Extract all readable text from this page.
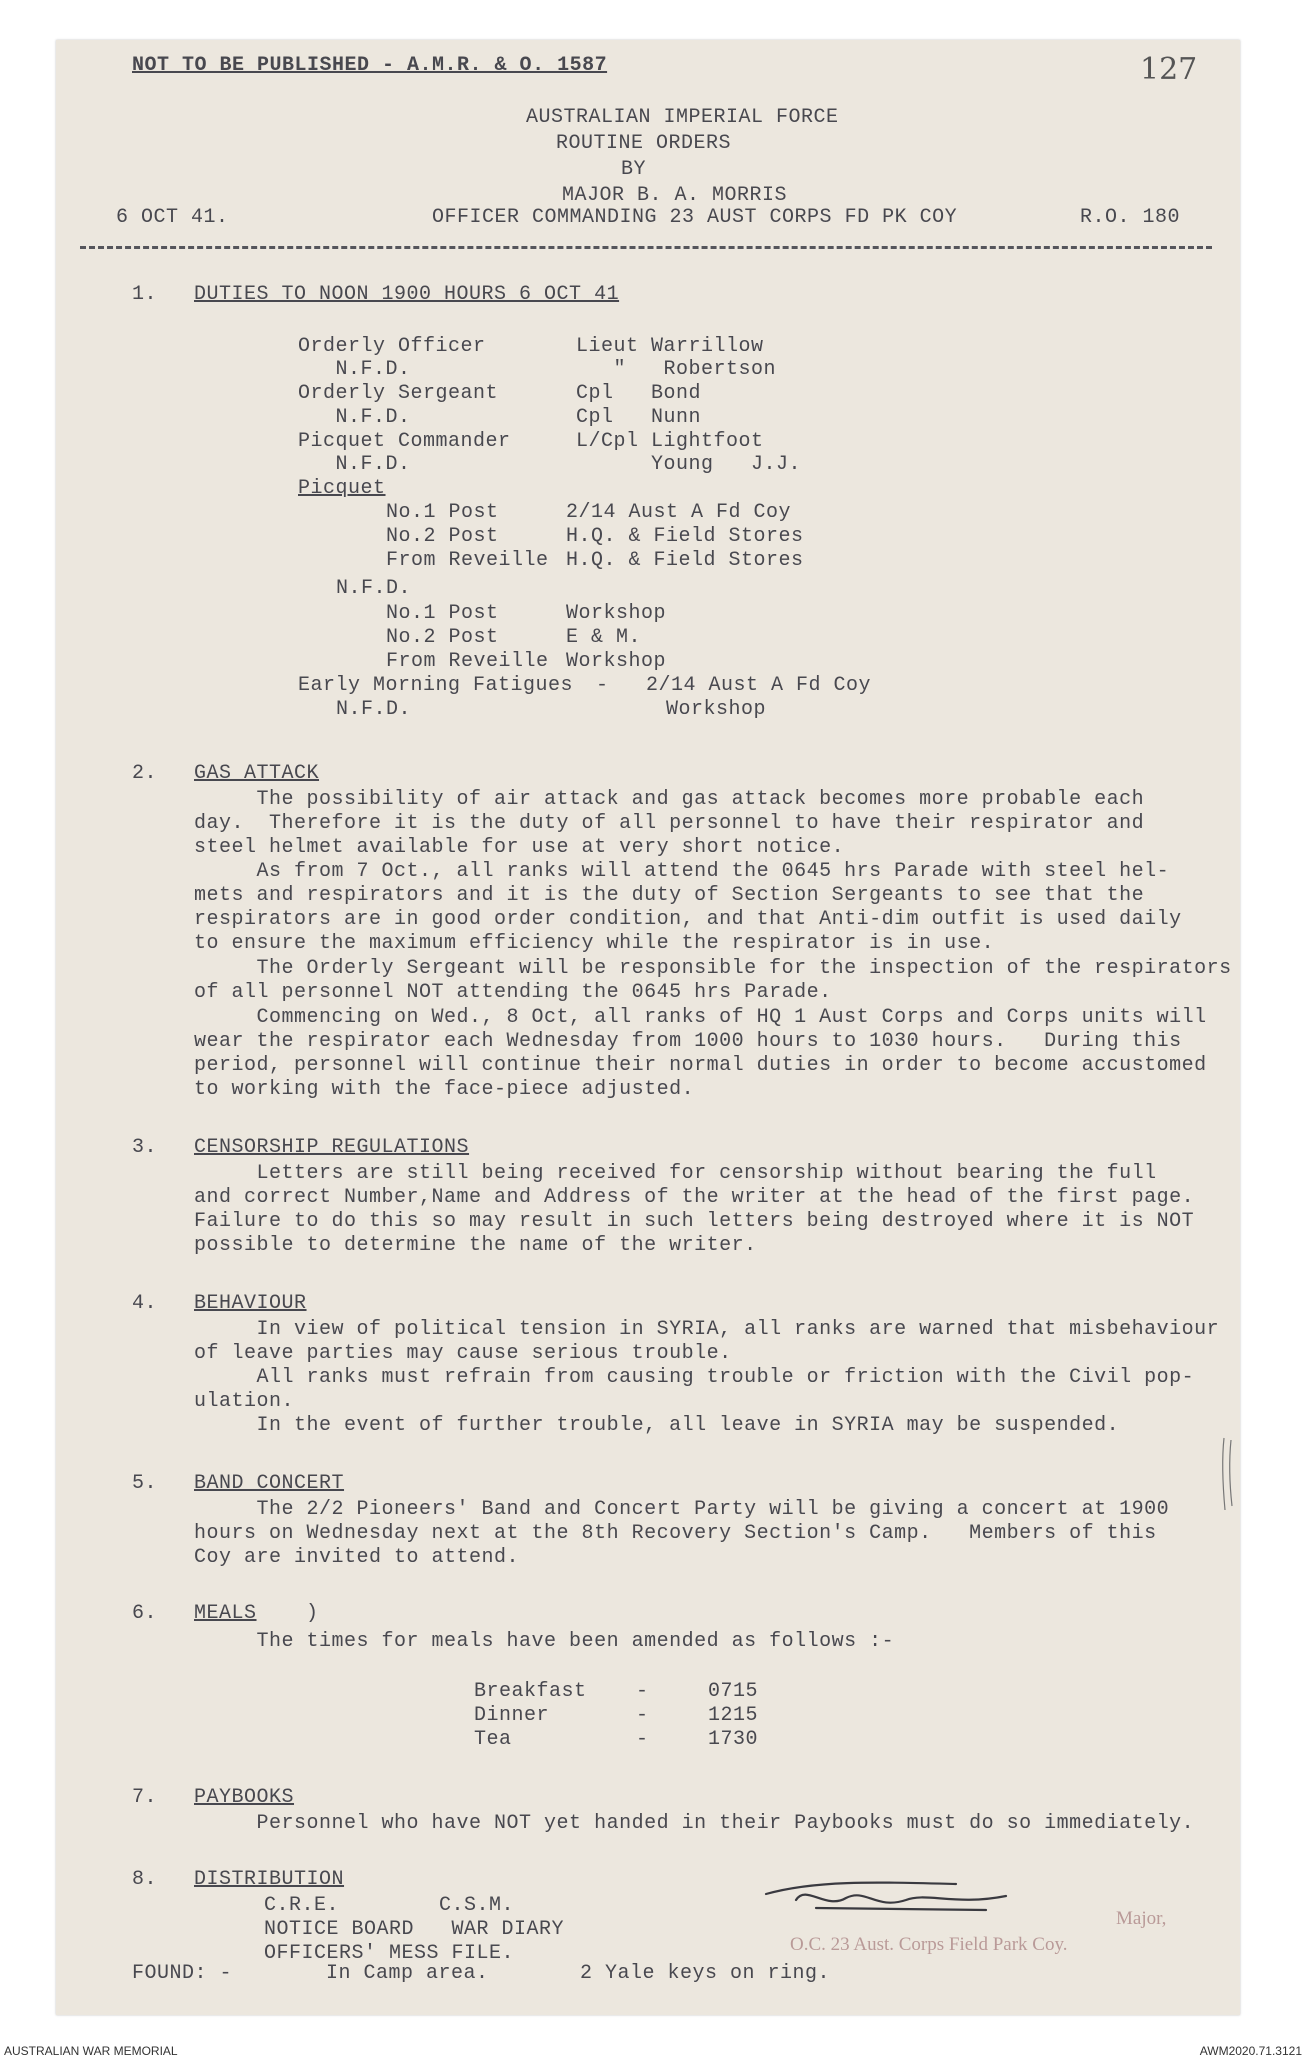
127
NOT TO BE PUBLISHED - A.M.R. & O. 1587
AUSTRALIAN IMPERIAL FORCE
ROUTINE ORDERS
BY
MAJOR B. A. MORRIS
6 OCT 41.	OFFICER COMMANDING 23 AUST CORPS FD PK COY	R.O. 180
1. DUTIES TO NOON 1900 HOURS 6 OCT 41
Orderly Officer	Lieut Warrillow
N.F.D.	"   Robertson
Orderly Sergeant	Cpl   Bond
N.F.D.	Cpl   Nunn
Picquet Commander	L/Cpl Lightfoot
N.F.D.	Young   J.J.
Picquet
No.1 Post	2/14 Aust A Fd Coy
No.2 Post	H.Q. & Field Stores
From Reveille H.Q. & Field Stores
N.F.D.
No.1 Post	Workshop
No.2 Post	E & M.
From Reveille Workshop
Early Morning Fatigues -   2/14 Aust A Fd Coy
N.F.D.	Workshop
2. GAS ATTACK
The possibility of air attack and gas attack becomes more probable each
day.  Therefore it is the duty of all personnel to have their respirator and
steel helmet available for use at very short notice.
As from 7 Oct., all ranks will attend the 0645 hrs Parade with steel hel-
mets and respirators and it is the duty of Section Sergeants to see that the
respirators are in good order condition, and that Anti-dim outfit is used daily
to ensure the maximum efficiency while the respirator is in use.
The Orderly Sergeant will be responsible for the inspection of the respirators
of all personnel NOT attending the 0645 hrs Parade.
Commencing on Wed., 8 Oct, all ranks of HQ 1 Aust Corps and Corps units will
wear the respirator each Wednesday from 1000 hours to 1030 hours.   During this
period, personnel will continue their normal duties in order to become accustomed
to working with the face-piece adjusted.
3. CENSORSHIP REGULATIONS
Letters are still being received for censorship without bearing the full
and correct Number,Name and Address of the writer at the head of the first page.
Failure to do this so may result in such letters being destroyed where it is NOT
possible to determine the name of the writer.
4. BEHAVIOUR
In view of political tension in SYRIA, all ranks are warned that misbehaviour
of leave parties may cause serious trouble.
All ranks must refrain from causing trouble or friction with the Civil pop-
ulation.
In the event of further trouble, all leave in SYRIA may be suspended.
5. BAND CONCERT
The 2/2 Pioneers' Band and Concert Party will be giving a concert at 1900
hours on Wednesday next at the 8th Recovery Section's Camp.   Members of this
Coy are invited to attend.
6. MEALS )
The times for meals have been amended as follows :-
Breakfast -	0715
Dinner	-	1215
Tea	-	1730
7. PAYBOOKS
Personnel who have NOT yet handed in their Paybooks must do so immediately.
8. DISTRIBUTION
C.R.E.        C.S.M.
NOTICE BOARD   WAR DIARY
OFFICERS' MESS FILE.
Major,
O.C. 23 Aust. Corps Field Park Coy.
FOUND: -	In Camp area.	2 Yale keys on ring.
AUSTRALIAN WAR MEMORIAL	AWM2020.71.3121
